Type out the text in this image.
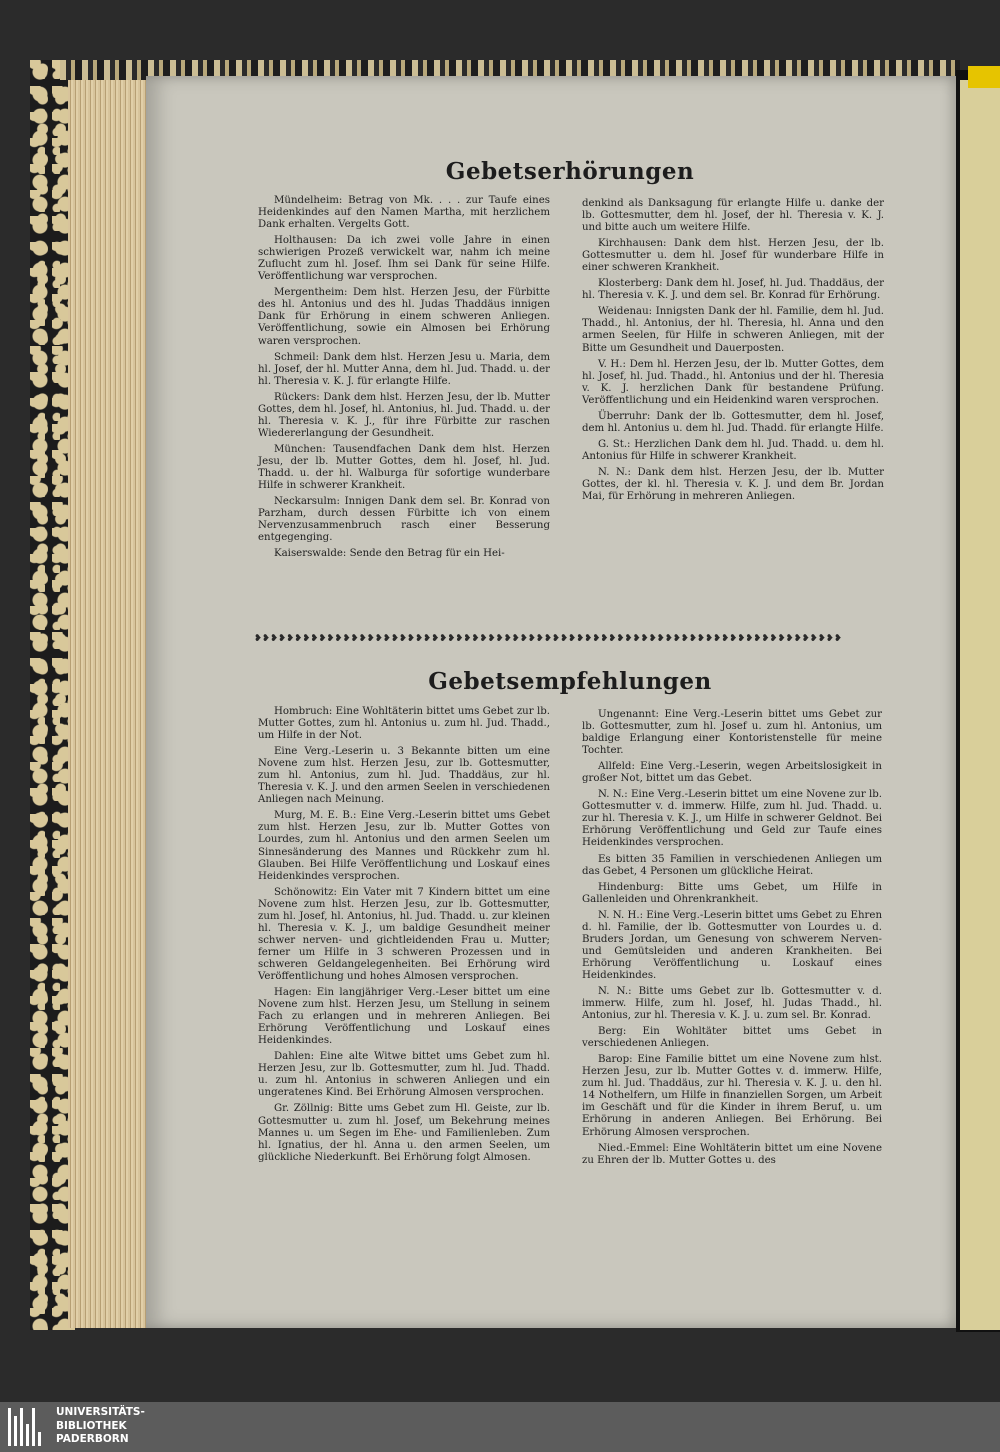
Gebetserhörungen

Mündelheim: Betrag von Mk. . . . zur Taufe eines Heidenkindes auf den Namen Martha, mit herzlichem Dank erhalten. Vergelts Gott.

Holthausen: Da ich zwei volle Jahre in einen schwierigen Prozeß verwickelt war, nahm ich meine Zuflucht zum hl. Josef. Ihm sei Dank für seine Hilfe. Veröffentlichung war versprochen.

Mergentheim: Dem hlst. Herzen Jesu, der Fürbitte des hl. Antonius und des hl. Judas Thaddäus innigen Dank für Erhörung in einem schweren Anliegen. Veröffentlichung, sowie ein Almosen bei Erhörung waren versprochen.

Schmeil: Dank dem hlst. Herzen Jesu u. Maria, dem hl. Josef, der hl. Mutter Anna, dem hl. Jud. Thadd. u. der hl. Theresia v. K. J. für erlangte Hilfe.

Rückers: Dank dem hlst. Herzen Jesu, der lb. Mutter Gottes, dem hl. Josef, hl. Antonius, hl. Jud. Thadd. u. der hl. Theresia v. K. J., für ihre Fürbitte zur raschen Wiedererlangung der Gesundheit.

München: Tausendfachen Dank dem hlst. Herzen Jesu, der lb. Mutter Gottes, dem hl. Josef, hl. Jud. Thadd. u. der hl. Walburga für sofortige wunderbare Hilfe in schwerer Krankheit.

Neckarsulm: Innigen Dank dem sel. Br. Konrad von Parzham, durch dessen Fürbitte ich von einem Nervenzusammenbruch rasch einer Besserung entgegenging.

Kaiserswalde: Sende den Betrag für ein Hei-

denkind als Danksagung für erlangte Hilfe u. danke der lb. Gottesmutter, dem hl. Josef, der hl. Theresia v. K. J. und bitte auch um weitere Hilfe.

Kirchhausen: Dank dem hlst. Herzen Jesu, der lb. Gottesmutter u. dem hl. Josef für wunderbare Hilfe in einer schweren Krankheit.

Klosterberg: Dank dem hl. Josef, hl. Jud. Thaddäus, der hl. Theresia v. K. J. und dem sel. Br. Konrad für Erhörung.

Weidenau: Innigsten Dank der hl. Familie, dem hl. Jud. Thadd., hl. Antonius, der hl. Theresia, hl. Anna und den armen Seelen, für Hilfe in schweren Anliegen, mit der Bitte um Gesundheit und Dauerposten.

V. H.: Dem hl. Herzen Jesu, der lb. Mutter Gottes, dem hl. Josef, hl. Jud. Thadd., hl. Antonius und der hl. Theresia v. K. J. herzlichen Dank für bestandene Prüfung. Veröffentlichung und ein Heidenkind waren versprochen.

Überruhr: Dank der lb. Gottesmutter, dem hl. Josef, dem hl. Antonius u. dem hl. Jud. Thadd. für erlangte Hilfe.

G. St.: Herzlichen Dank dem hl. Jud. Thadd. u. dem hl. Antonius für Hilfe in schwerer Krankheit.

N. N.: Dank dem hlst. Herzen Jesu, der lb. Mutter Gottes, der kl. hl. Theresia v. K. J. und dem Br. Jordan Mai, für Erhörung in mehreren Anliegen.

❥❥❥❥❥❥❥❥❥❥❥❥❥❥❥❥❥❥❥❥❥❥❥❥❥❥❥❥❥❥❥❥❥❥❥❥❥❥❥❥❥❥❥❥❥❥❥❥❥❥❥❥❥❥❥❥❥❥❥❥❥❥❥❥❥❥❥❥❥❥❥❥❥
Gebetsempfehlungen

Hombruch: Eine Wohltäterin bittet ums Gebet zur lb. Mutter Gottes, zum hl. Antonius u. zum hl. Jud. Thadd., um Hilfe in der Not.

Eine Verg.-Leserin u. 3 Bekannte bitten um eine Novene zum hlst. Herzen Jesu, zur lb. Gottesmutter, zum hl. Antonius, zum hl. Jud. Thaddäus, zur hl. Theresia v. K. J. und den armen Seelen in verschiedenen Anliegen nach Meinung.

Murg, M. E. B.: Eine Verg.-Leserin bittet ums Gebet zum hlst. Herzen Jesu, zur lb. Mutter Gottes von Lourdes, zum hl. Antonius und den armen Seelen um Sinnesänderung des Mannes und Rückkehr zum hl. Glauben. Bei Hilfe Veröffentlichung und Loskauf eines Heidenkindes versprochen.

Schönowitz: Ein Vater mit 7 Kindern bittet um eine Novene zum hlst. Herzen Jesu, zur lb. Gottesmutter, zum hl. Josef, hl. Antonius, hl. Jud. Thadd. u. zur kleinen hl. Theresia v. K. J., um baldige Gesundheit meiner schwer nerven- und gichtleidenden Frau u. Mutter; ferner um Hilfe in 3 schweren Prozessen und in schweren Geldangelegenheiten. Bei Erhörung wird Veröffentlichung und hohes Almosen versprochen.

Hagen: Ein langjähriger Verg.-Leser bittet um eine Novene zum hlst. Herzen Jesu, um Stellung in seinem Fach zu erlangen und in mehreren Anliegen. Bei Erhörung Veröffentlichung und Loskauf eines Heidenkindes.

Dahlen: Eine alte Witwe bittet ums Gebet zum hl. Herzen Jesu, zur lb. Gottesmutter, zum hl. Jud. Thadd. u. zum hl. Antonius in schweren Anliegen und ein ungeratenes Kind. Bei Erhörung Almosen versprochen.

Gr. Zöllnig: Bitte ums Gebet zum Hl. Geiste, zur lb. Gottesmutter u. zum hl. Josef, um Bekehrung meines Mannes u. um Segen im Ehe- und Familienleben. Zum hl. Ignatius, der hl. Anna u. den armen Seelen, um glückliche Niederkunft. Bei Erhörung folgt Almosen.

Ungenannt: Eine Verg.-Leserin bittet ums Gebet zur lb. Gottesmutter, zum hl. Josef u. zum hl. Antonius, um baldige Erlangung einer Kontoristenstelle für meine Tochter.

Allfeld: Eine Verg.-Leserin, wegen Arbeitslosigkeit in großer Not, bittet um das Gebet.

N. N.: Eine Verg.-Leserin bittet um eine Novene zur lb. Gottesmutter v. d. immerw. Hilfe, zum hl. Jud. Thadd. u. zur hl. Theresia v. K. J., um Hilfe in schwerer Geldnot. Bei Erhörung Veröffentlichung und Geld zur Taufe eines Heidenkindes versprochen.

Es bitten 35 Familien in verschiedenen Anliegen um das Gebet, 4 Personen um glückliche Heirat.

Hindenburg: Bitte ums Gebet, um Hilfe in Gallenleiden und Ohrenkrankheit.

N. N. H.: Eine Verg.-Leserin bittet ums Gebet zu Ehren d. hl. Familie, der lb. Gottesmutter von Lourdes u. d. Bruders Jordan, um Genesung von schwerem Nerven- und Gemütsleiden und anderen Krankheiten. Bei Erhörung Veröffentlichung u. Loskauf eines Heidenkindes.

N. N.: Bitte ums Gebet zur lb. Gottesmutter v. d. immerw. Hilfe, zum hl. Josef, hl. Judas Thadd., hl. Antonius, zur hl. Theresia v. K. J. u. zum sel. Br. Konrad.

Berg: Ein Wohltäter bittet ums Gebet in verschiedenen Anliegen.

Barop: Eine Familie bittet um eine Novene zum hlst. Herzen Jesu, zur lb. Mutter Gottes v. d. immerw. Hilfe, zum hl. Jud. Thaddäus, zur hl. Theresia v. K. J. u. den hl. 14 Nothelfern, um Hilfe in finanziellen Sorgen, um Arbeit im Geschäft und für die Kinder in ihrem Beruf, u. um Erhörung in anderen Anliegen. Bei Erhörung. Bei Erhörung Almosen versprochen.

Nied.-Emmel: Eine Wohltäterin bittet um eine Novene zu Ehren der lb. Mutter Gottes u. des

UNIVERSITÄTS-
BIBLIOTHEK
PADERBORN
